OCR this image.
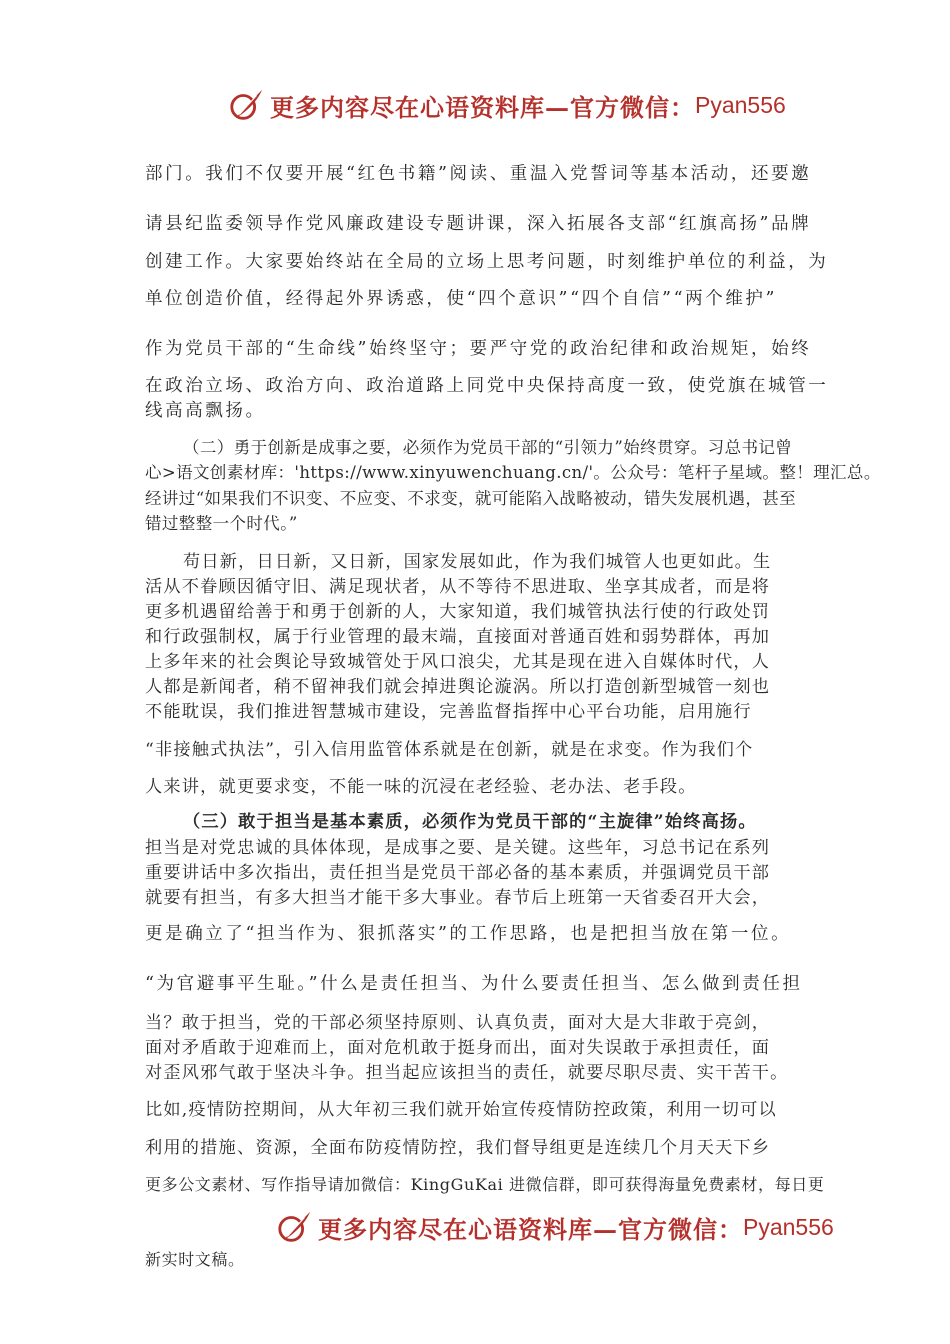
更多内容尽在心语资料库—官方微信： Pyan556
部门。我们不仅要开展“红色书籍”阅读、重温入党誓词等基本活动，还要邀
请县纪监委领导作党风廉政建设专题讲课，深入拓展各支部“红旗高扬”品牌
创建工作。大家要始终站在全局的立场上思考问题，时刻维护单位的利益，为
单位创造价值，经得起外界诱惑，使“四个意识”“四个自信”“两个维护”
作为党员干部的“生命线”始终坚守；要严守党的政治纪律和政治规矩，始终
在政治立场、政治方向、政治道路上同党中央保持高度一致，使党旗在城管一
线高高飘扬。
（二）勇于创新是成事之要，必须作为党员干部的“引领力”始终贯穿。习总书记曾
心>语文创素材库：'https://www.xinyuwenchuang.cn/'。公众号：笔杆子星域。整！理汇总。
经讲过“如果我们不识变、不应变、不求变，就可能陷入战略被动，错失发展机遇，甚至
错过整整一个时代。”
苟日新，日日新，又日新，国家发展如此，作为我们城管人也更如此。生
活从不眷顾因循守旧、满足现状者，从不等待不思进取、坐享其成者，而是将
更多机遇留给善于和勇于创新的人，大家知道，我们城管执法行使的行政处罚
和行政强制权，属于行业管理的最末端，直接面对普通百姓和弱势群体，再加
上多年来的社会舆论导致城管处于风口浪尖，尤其是现在进入自媒体时代，人
人都是新闻者，稍不留神我们就会掉进舆论漩涡。所以打造创新型城管一刻也
不能耽误，我们推进智慧城市建设，完善监督指挥中心平台功能，启用施行
“非接触式执法”，引入信用监管体系就是在创新，就是在求变。作为我们个
人来讲，就更要求变，不能一味的沉浸在老经验、老办法、老手段。
（三）敢于担当是基本素质，必须作为党员干部的“主旋律”始终高扬。
担当是对党忠诚的具体体现，是成事之要、是关键。这些年，习总书记在系列
重要讲话中多次指出，责任担当是党员干部必备的基本素质，并强调党员干部
就要有担当，有多大担当才能干多大事业。春节后上班第一天省委召开大会，
更是确立了“担当作为、狠抓落实”的工作思路，也是把担当放在第一位。
“为官避事平生耻。”什么是责任担当、为什么要责任担当、怎么做到责任担
当？敢于担当，党的干部必须坚持原则、认真负责，面对大是大非敢于亮剑，
面对矛盾敢于迎难而上，面对危机敢于挺身而出，面对失误敢于承担责任，面
对歪风邪气敢于坚决斗争。担当起应该担当的责任，就要尽职尽责、实干苦干。
比如,疫情防控期间，从大年初三我们就开始宣传疫情防控政策，利用一切可以
利用的措施、资源，全面布防疫情防控，我们督导组更是连续几个月天天下乡
更多公文素材、写作指导请加微信：KingGuKai 进微信群，即可获得海量免费素材，每日更
更多内容尽在心语资料库—官方微信： Pyan556
新实时文稿。
